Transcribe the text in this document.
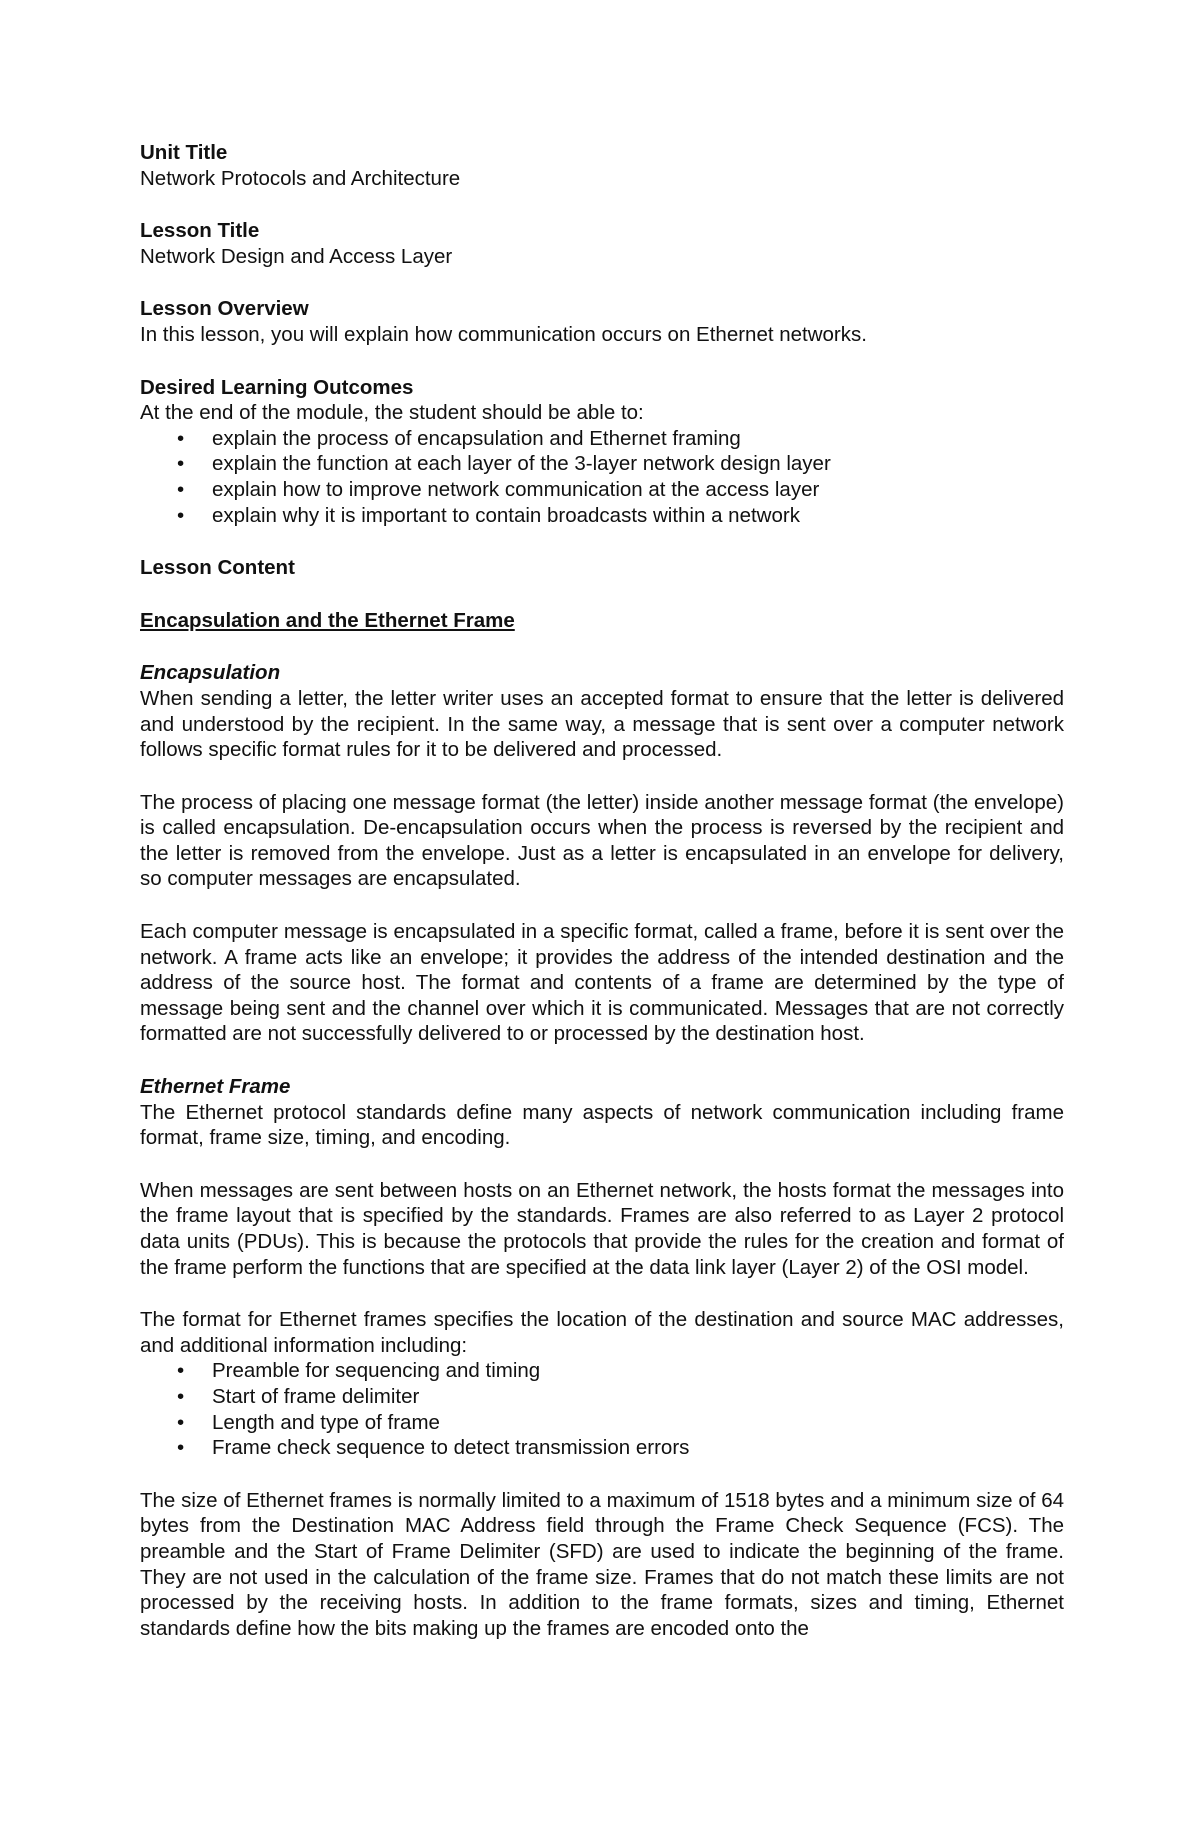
Unit Title

Network Protocols and Architecture

Lesson Title

Network Design and Access Layer

Lesson Overview

In this lesson, you will explain how communication occurs on Ethernet networks.

Desired Learning Outcomes

At the end of the module, the student should be able to:

• explain the process of encapsulation and Ethernet framing
• explain the function at each layer of the 3-layer network design layer
• explain how to improve network communication at the access layer
• explain why it is important to contain broadcasts within a network

Lesson Content

Encapsulation and the Ethernet Frame

Encapsulation

When sending a letter, the letter writer uses an accepted format to ensure that the letter is delivered and understood by the recipient. In the same way, a message that is sent over a computer network follows specific format rules for it to be delivered and processed.

The process of placing one message format (the letter) inside another message format (the envelope) is called encapsulation. De-encapsulation occurs when the process is reversed by the recipient and the letter is removed from the envelope. Just as a letter is encapsulated in an envelope for delivery, so computer messages are encapsulated.

Each computer message is encapsulated in a specific format, called a frame, before it is sent over the network. A frame acts like an envelope; it provides the address of the intended destination and the address of the source host. The format and contents of a frame are determined by the type of message being sent and the channel over which it is communicated. Messages that are not correctly formatted are not successfully delivered to or processed by the destination host.

Ethernet Frame

The Ethernet protocol standards define many aspects of network communication including frame format, frame size, timing, and encoding.

When messages are sent between hosts on an Ethernet network, the hosts format the messages into the frame layout that is specified by the standards. Frames are also referred to as Layer 2 protocol data units (PDUs). This is because the protocols that provide the rules for the creation and format of the frame perform the functions that are specified at the data link layer (Layer 2) of the OSI model.

The format for Ethernet frames specifies the location of the destination and source MAC addresses, and additional information including:

• Preamble for sequencing and timing
• Start of frame delimiter
• Length and type of frame
• Frame check sequence to detect transmission errors

The size of Ethernet frames is normally limited to a maximum of 1518 bytes and a minimum size of 64 bytes from the Destination MAC Address field through the Frame Check Sequence (FCS). The preamble and the Start of Frame Delimiter (SFD) are used to indicate the beginning of the frame. They are not used in the calculation of the frame size. Frames that do not match these limits are not processed by the receiving hosts. In addition to the frame formats, sizes and timing, Ethernet standards define how the bits making up the frames are encoded onto the
